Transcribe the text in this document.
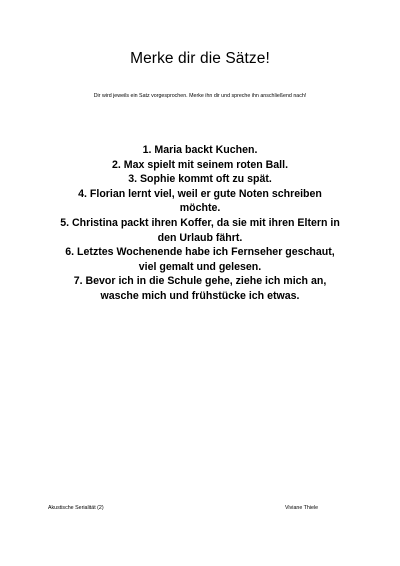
Merke dir die Sätze!

Dir wird jeweils ein Satz vorgesprochen. Merke ihn dir und spreche ihn anschließend nach!

1. Maria backt Kuchen.
2. Max spielt mit seinem roten Ball.
3. Sophie kommt oft zu spät.
4. Florian lernt viel, weil er gute Noten schreiben
möchte.
5. Christina packt ihren Koffer, da sie mit ihren Eltern in
den Urlaub fährt.
6. Letztes Wochenende habe ich Fernseher geschaut,
viel gemalt und gelesen.
7. Bevor ich in die Schule gehe, ziehe ich mich an,
wasche mich und frühstücke ich etwas.

Akustische Serialität (2)	Viviane Thiele
